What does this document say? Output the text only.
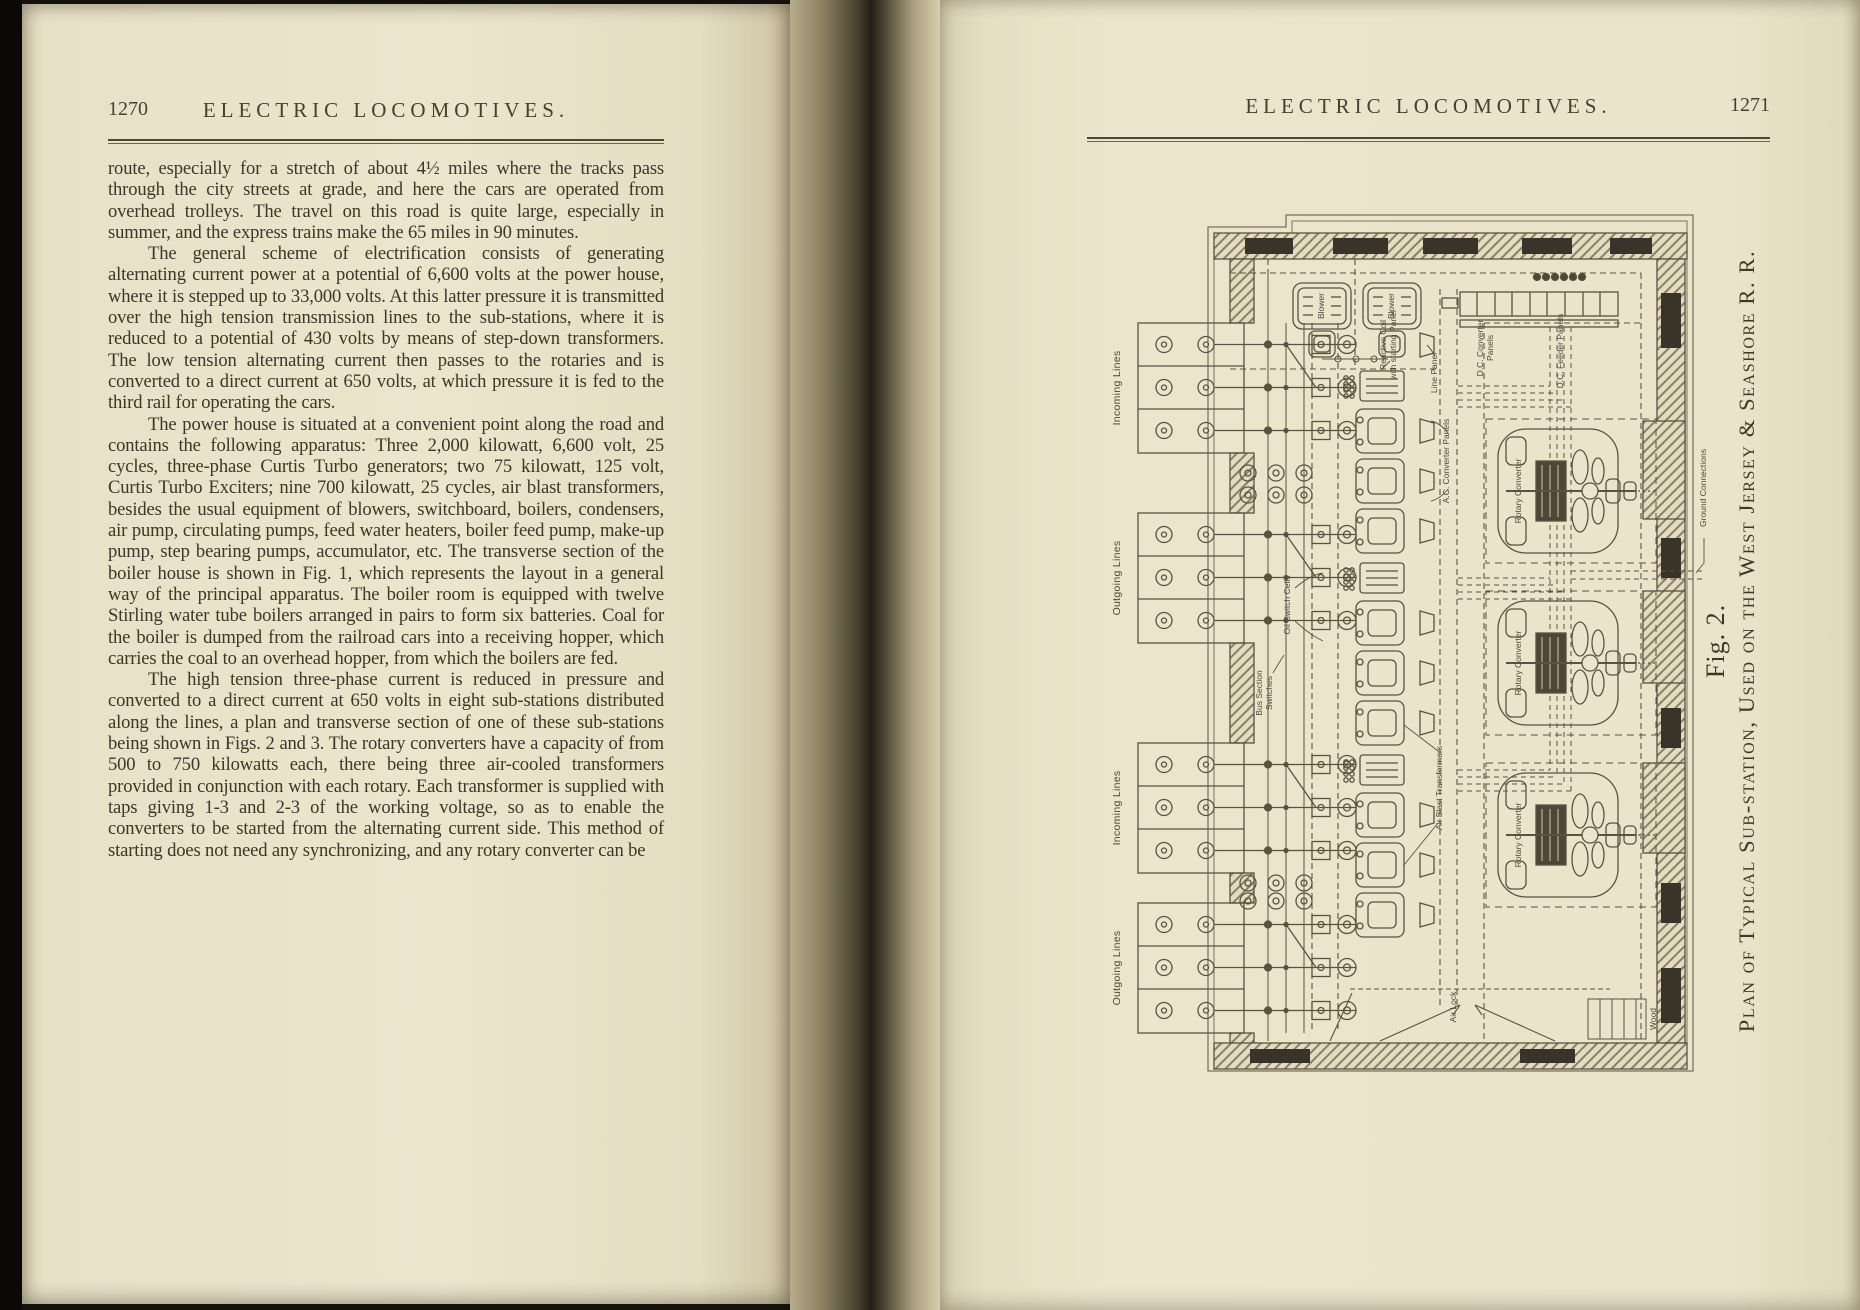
1270	ELECTRIC LOCOMOTIVES.

route, especially for a stretch of about 4½ miles where the tracks pass through the city streets at grade, and here the cars are operated from overhead trolleys. The travel on this road is quite large, especially in summer, and the express trains make the 65 miles in 90 minutes.

The general scheme of electrification consists of generating alternating current power at a potential of 6,600 volts at the power house, where it is stepped up to 33,000 volts. At this latter pressure it is transmitted over the high tension transmission lines to the sub-stations, where it is reduced to a potential of 430 volts by means of step-down transformers. The low tension alternating current then passes to the rotaries and is converted to a direct current at 650 volts, at which pressure it is fed to the third rail for operating the cars.

The power house is situated at a convenient point along the road and contains the following apparatus: Three 2,000 kilowatt, 6,600 volt, 25 cycles, three-phase Curtis Turbo generators; two 75 kilowatt, 125 volt, Curtis Turbo Exciters; nine 700 kilowatt, 25 cycles, air blast transformers, besides the usual equipment of blowers, switchboard, boilers, condensers, air pump, circulating pumps, feed water heaters, boiler feed pump, make-up pump, step bearing pumps, accumulator, etc. The transverse section of the boiler house is shown in Fig. 1, which represents the layout in a general way of the principal apparatus. The boiler room is equipped with twelve Stirling water tube boilers arranged in pairs to form six batteries. Coal for the boiler is dumped from the railroad cars into a receiving hopper, which carries the coal to an overhead hopper, from which the boilers are fed.

The high tension three-phase current is reduced in pressure and converted to a direct current at 650 volts in eight sub-stations distributed along the lines, a plan and transverse section of one of these sub-stations being shown in Figs. 2 and 3. The rotary converters have a capacity of from 500 to 750 kilowatts each, there being three air-cooled transformers provided in conjunction with each rotary. Each transformer is supplied with taps giving 1-3 and 2-3 of the working voltage, so as to enable the converters to be started from the alternating current side. This method of starting does not need any synchronizing, and any rotary converter can be

ELECTRIC LOCOMOTIVES.	1271
Incoming Lines
Outgoing Lines
Incoming Lines
Outgoing Lines
Bus Section Switches
Oil Switch Cells
Reactive Coil with starting Panel	Line Panel
A.C. Converter Panels
D.C. Converter Panels	D.C. Feeder Panels
Air Blast Transformers
Rotary Converter
Rotary Converter
Rotary Converter
Blower	Blower
Ground Connections
Air Lock	Wood
Fig. 2. Plan of Typical Sub-station, Used on the West Jersey & Seashore R. R.
